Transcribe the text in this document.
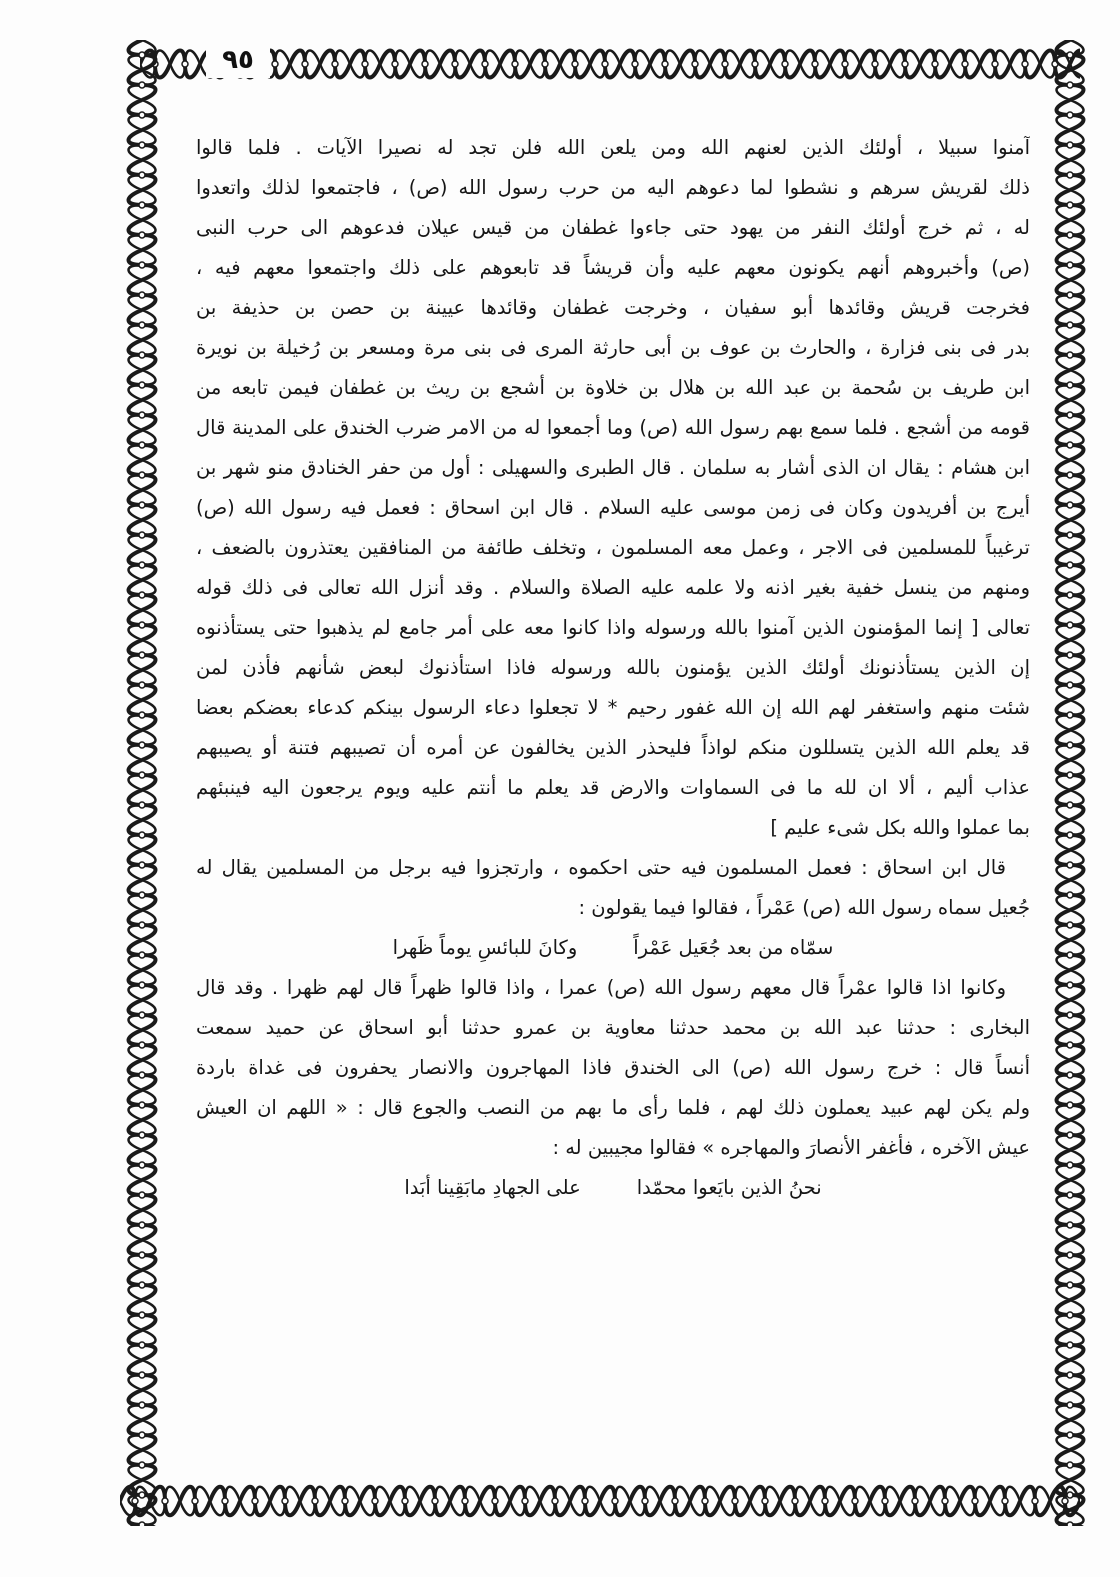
٩٥
آمنوا سبيلا ، أولئك الذين لعنهم الله ومن يلعن الله فلن تجد له نصيرا الآيات . فلما قالوا
ذلك لقريش سرهم و نشطوا لما دعوهم اليه من حرب رسول الله (ص) ، فاجتمعوا لذلك واتعدوا
له ، ثم خرج أولئك النفر من يهود حتى جاءوا غطفان من قيس عيلان فدعوهم الى حرب النبى
(ص) وأخبروهم أنهم يكونون معهم عليه وأن قريشاً قد تابعوهم على ذلك واجتمعوا معهم فيه ،
فخرجت قريش وقائدها أبو سفيان ، وخرجت غطفان وقائدها عيينة بن حصن بن حذيفة بن
بدر فى بنى فزارة ، والحارث بن عوف بن أبى حارثة المرى فى بنى مرة ومسعر بن رُخيلة بن نويرة
ابن طريف بن سُحمة بن عبد الله بن هلال بن خلاوة بن أشجع بن ريث بن غطفان فيمن تابعه من
قومه من أشجع . فلما سمع بهم رسول الله (ص) وما أجمعوا له من الامر ضرب الخندق على المدينة قال
ابن هشام : يقال ان الذى أشار به سلمان . قال الطبرى والسهيلى : أول من حفر الخنادق منو شهر بن
أيرج بن أفريدون وكان فى زمن موسى عليه السلام . قال ابن اسحاق : فعمل فيه رسول الله (ص)
ترغيباً للمسلمين فى الاجر ، وعمل معه المسلمون ، وتخلف طائفة من المنافقين يعتذرون بالضعف ،
ومنهم من ينسل خفية بغير اذنه ولا علمه عليه الصلاة والسلام . وقد أنزل الله تعالى فى ذلك قوله
تعالى [ إنما المؤمنون الذين آمنوا بالله ورسوله واذا كانوا معه على أمر جامع لم يذهبوا حتى يستأذنوه
إن الذين يستأذنونك أولئك الذين يؤمنون بالله ورسوله فاذا استأذنوك لبعض شأنهم فأذن لمن
شئت منهم واستغفر لهم الله إن الله غفور رحيم * لا تجعلوا دعاء الرسول بينكم كدعاء بعضكم بعضا
قد يعلم الله الذين يتسللون منكم لواذاً فليحذر الذين يخالفون عن أمره أن تصيبهم فتنة أو يصيبهم
عذاب أليم ، ألا ان لله ما فى السماوات والارض قد يعلم ما أنتم عليه ويوم يرجعون اليه فينبئهم
بما عملوا والله بكل شىء عليم ]
قال ابن اسحاق : فعمل المسلمون فيه حتى احكموه ، وارتجزوا فيه برجل من المسلمين يقال له
جُعيل سماه رسول الله (ص) عَمْراً ، فقالوا فيما يقولون :
سمّاه من بعد جُعَيل عَمْراًوكانَ للبائسِ يوماً ظَهرا
وكانوا اذا قالوا عمْراً قال معهم رسول الله (ص) عمرا ، واذا قالوا ظهراً قال لهم ظهرا . وقد قال
البخارى : حدثنا عبد الله بن محمد حدثنا معاوية بن عمرو حدثنا أبو اسحاق عن حميد سمعت
أنساً قال : خرج رسول الله (ص) الى الخندق فاذا المهاجرون والانصار يحفرون فى غداة باردة
ولم يكن لهم عبيد يعملون ذلك لهم ، فلما رأى ما بهم من النصب والجوع قال : « اللهم ان العيش
عيش الآخره ، فأغفر الأنصارَ والمهاجره » فقالوا مجيبين له :
نحنُ الذين بايَعوا محمّداعلى الجهادِ مابَقِينا أبَدا
